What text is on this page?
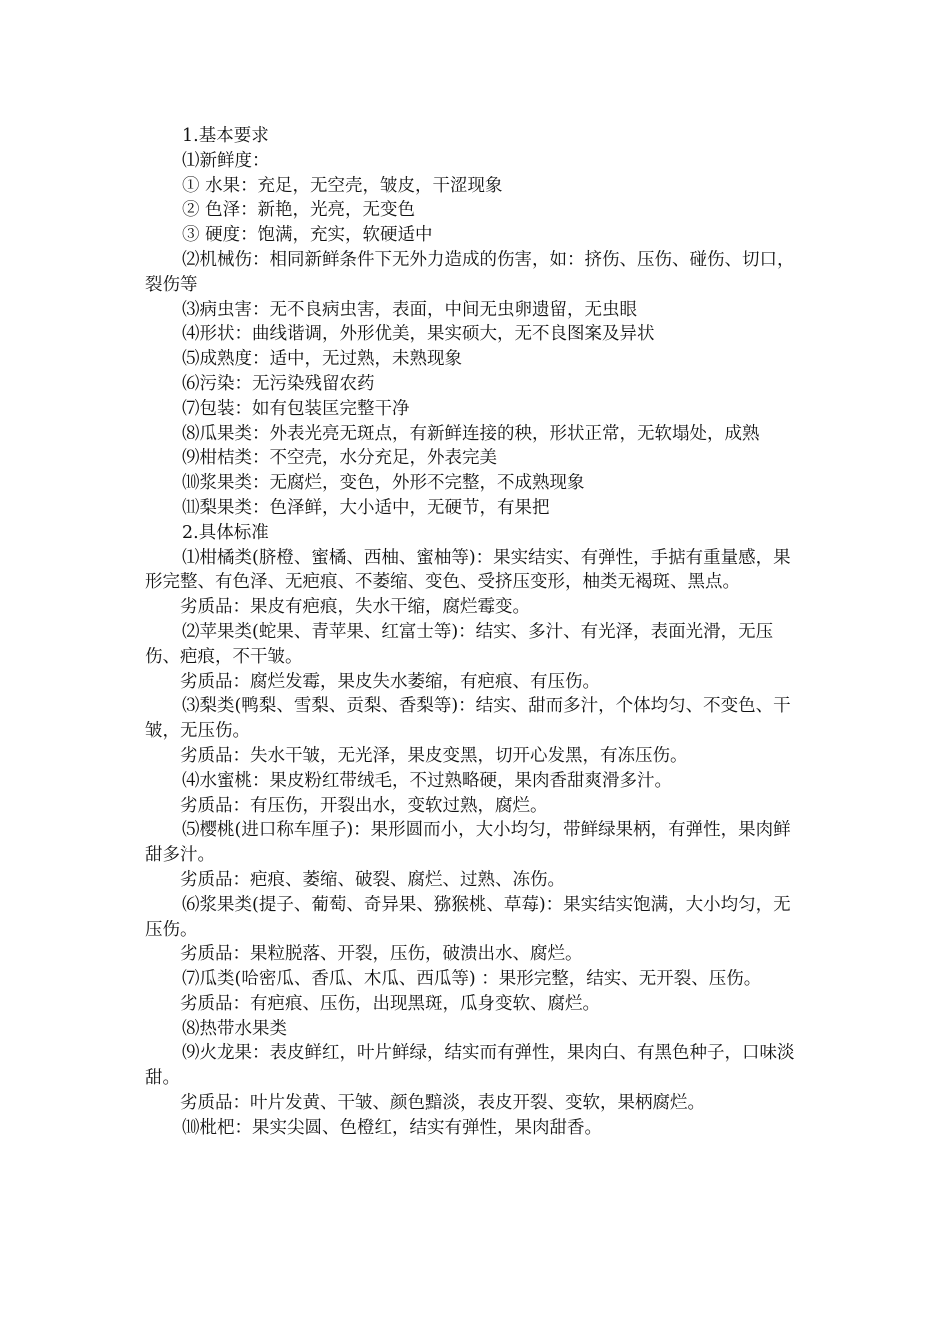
1.基本要求

⑴新鲜度：

① 水果：充足，无空壳，皱皮，干涩现象

② 色泽：新艳，光亮，无变色

③ 硬度：饱满，充实，软硬适中

⑵机械伤：相同新鲜条件下无外力造成的伤害，如：挤伤、压伤、碰伤、切口，裂伤等

⑶病虫害：无不良病虫害，表面，中间无虫卵遗留，无虫眼

⑷形状：曲线谐调，外形优美，果实硕大，无不良图案及异状

⑸成熟度：适中，无过熟，未熟现象

⑹污染：无污染残留农药

⑺包装：如有包装匡完整干净

⑻瓜果类：外表光亮无斑点，有新鲜连接的秧，形状正常，无软塌处，成熟

⑼柑桔类：不空壳，水分充足，外表完美

⑽浆果类：无腐烂，变色，外形不完整，不成熟现象

⑾梨果类：色泽鲜，大小适中，无硬节，有果把

2.具体标准

⑴柑橘类(脐橙、蜜橘、西柚、蜜柚等)：果实结实、有弹性，手掂有重量感，果形完整、有色泽、无疤痕、不萎缩、变色、受挤压变形，柚类无褐斑、黑点。

劣质品：果皮有疤痕，失水干缩，腐烂霉变。

⑵苹果类(蛇果、青苹果、红富士等)：结实、多汁、有光泽，表面光滑，无压伤、疤痕，不干皱。

劣质品：腐烂发霉，果皮失水萎缩，有疤痕、有压伤。

⑶梨类(鸭梨、雪梨、贡梨、香梨等)：结实、甜而多汁，个体均匀、不变色、干皱，无压伤。

劣质品：失水干皱，无光泽，果皮变黑，切开心发黑，有冻压伤。

⑷水蜜桃：果皮粉红带绒毛，不过熟略硬，果肉香甜爽滑多汁。

劣质品：有压伤，开裂出水，变软过熟，腐烂。

⑸樱桃(进口称车厘子)：果形圆而小，大小均匀，带鲜绿果柄，有弹性，果肉鲜甜多汁。

劣质品：疤痕、萎缩、破裂、腐烂、过熟、冻伤。

⑹浆果类(提子、葡萄、奇异果、猕猴桃、草莓)：果实结实饱满，大小均匀，无压伤。

劣质品：果粒脱落、开裂，压伤，破溃出水、腐烂。

⑺瓜类(哈密瓜、香瓜、木瓜、西瓜等) ：果形完整，结实、无开裂、压伤。

劣质品：有疤痕、压伤，出现黑斑，瓜身变软、腐烂。

⑻热带水果类

⑼火龙果：表皮鲜红，叶片鲜绿，结实而有弹性，果肉白、有黑色种子，口味淡甜。

劣质品：叶片发黄、干皱、颜色黯淡，表皮开裂、变软，果柄腐烂。

⑽枇杷：果实尖圆、色橙红，结实有弹性，果肉甜香。
